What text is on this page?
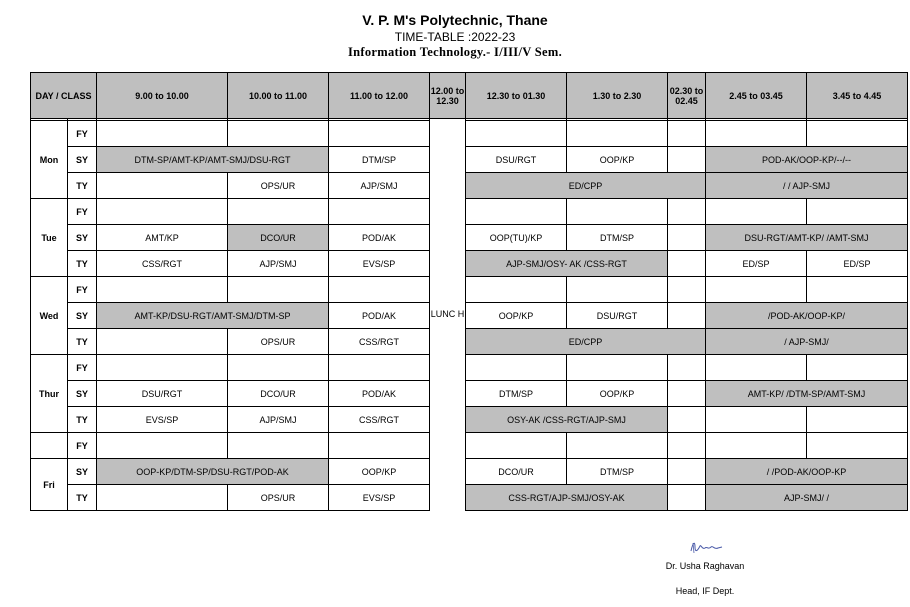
V. P. M's Polytechnic, Thane
TIME-TABLE :2022-23
Information Technology.- I/III/V Sem.
DAY / CLASS		9.00 to 10.00	10.00 to 11.00	11.00 to 12.00	12.00 to 12.30	12.30 to 01.30	1.30 to 2.30	02.30 to 02.45	2.45 to 03.45	3.45 to 4.45
					LUNC H					
Mon	FY									
	SY	DTM-SP/AMT-KP/AMT-SMJ/DSU-RGT		DTM/SP		DSU/RGT	OOP/KP		POD-AK/OOP-KP/--/--	
	TY		OPS/UR	AJP/SMJ		ED/CPP			/ / AJP-SMJ	
Tue	FY									
	SY	AMT/KP	DCO/UR	POD/AK		OOP(TU)/KP	DTM/SP		DSU-RGT/AMT-KP/ /AMT-SMJ	
	TY	CSS/RGT	AJP/SMJ	EVS/SP		AJP-SMJ/OSY- AK /CSS-RGT			ED/SP	ED/SP
Wed	FY									
	SY	AMT-KP/DSU-RGT/AMT-SMJ/DTM-SP		POD/AK		OOP/KP	DSU/RGT		/POD-AK/OOP-KP/	
	TY		OPS/UR	CSS/RGT		ED/CPP			/ AJP-SMJ/	
Thur	FY									
	SY	DSU/RGT	DCO/UR	POD/AK		DTM/SP	OOP/KP		AMT-KP/ /DTM-SP/AMT-SMJ	
	TY	EVS/SP	AJP/SMJ	CSS/RGT		OSY-AK /CSS-RGT/AJP-SMJ				
	FY									
Fri	SY	OOP-KP/DTM-SP/DSU-RGT/POD-AK		OOP/KP		DCO/UR	DTM/SP		/ /POD-AK/OOP-KP	
	TY		OPS/UR	EVS/SP		CSS-RGT/AJP-SMJ/OSY-AK			AJP-SMJ/ /	
Dr. Usha Raghavan
Head, IF Dept.
